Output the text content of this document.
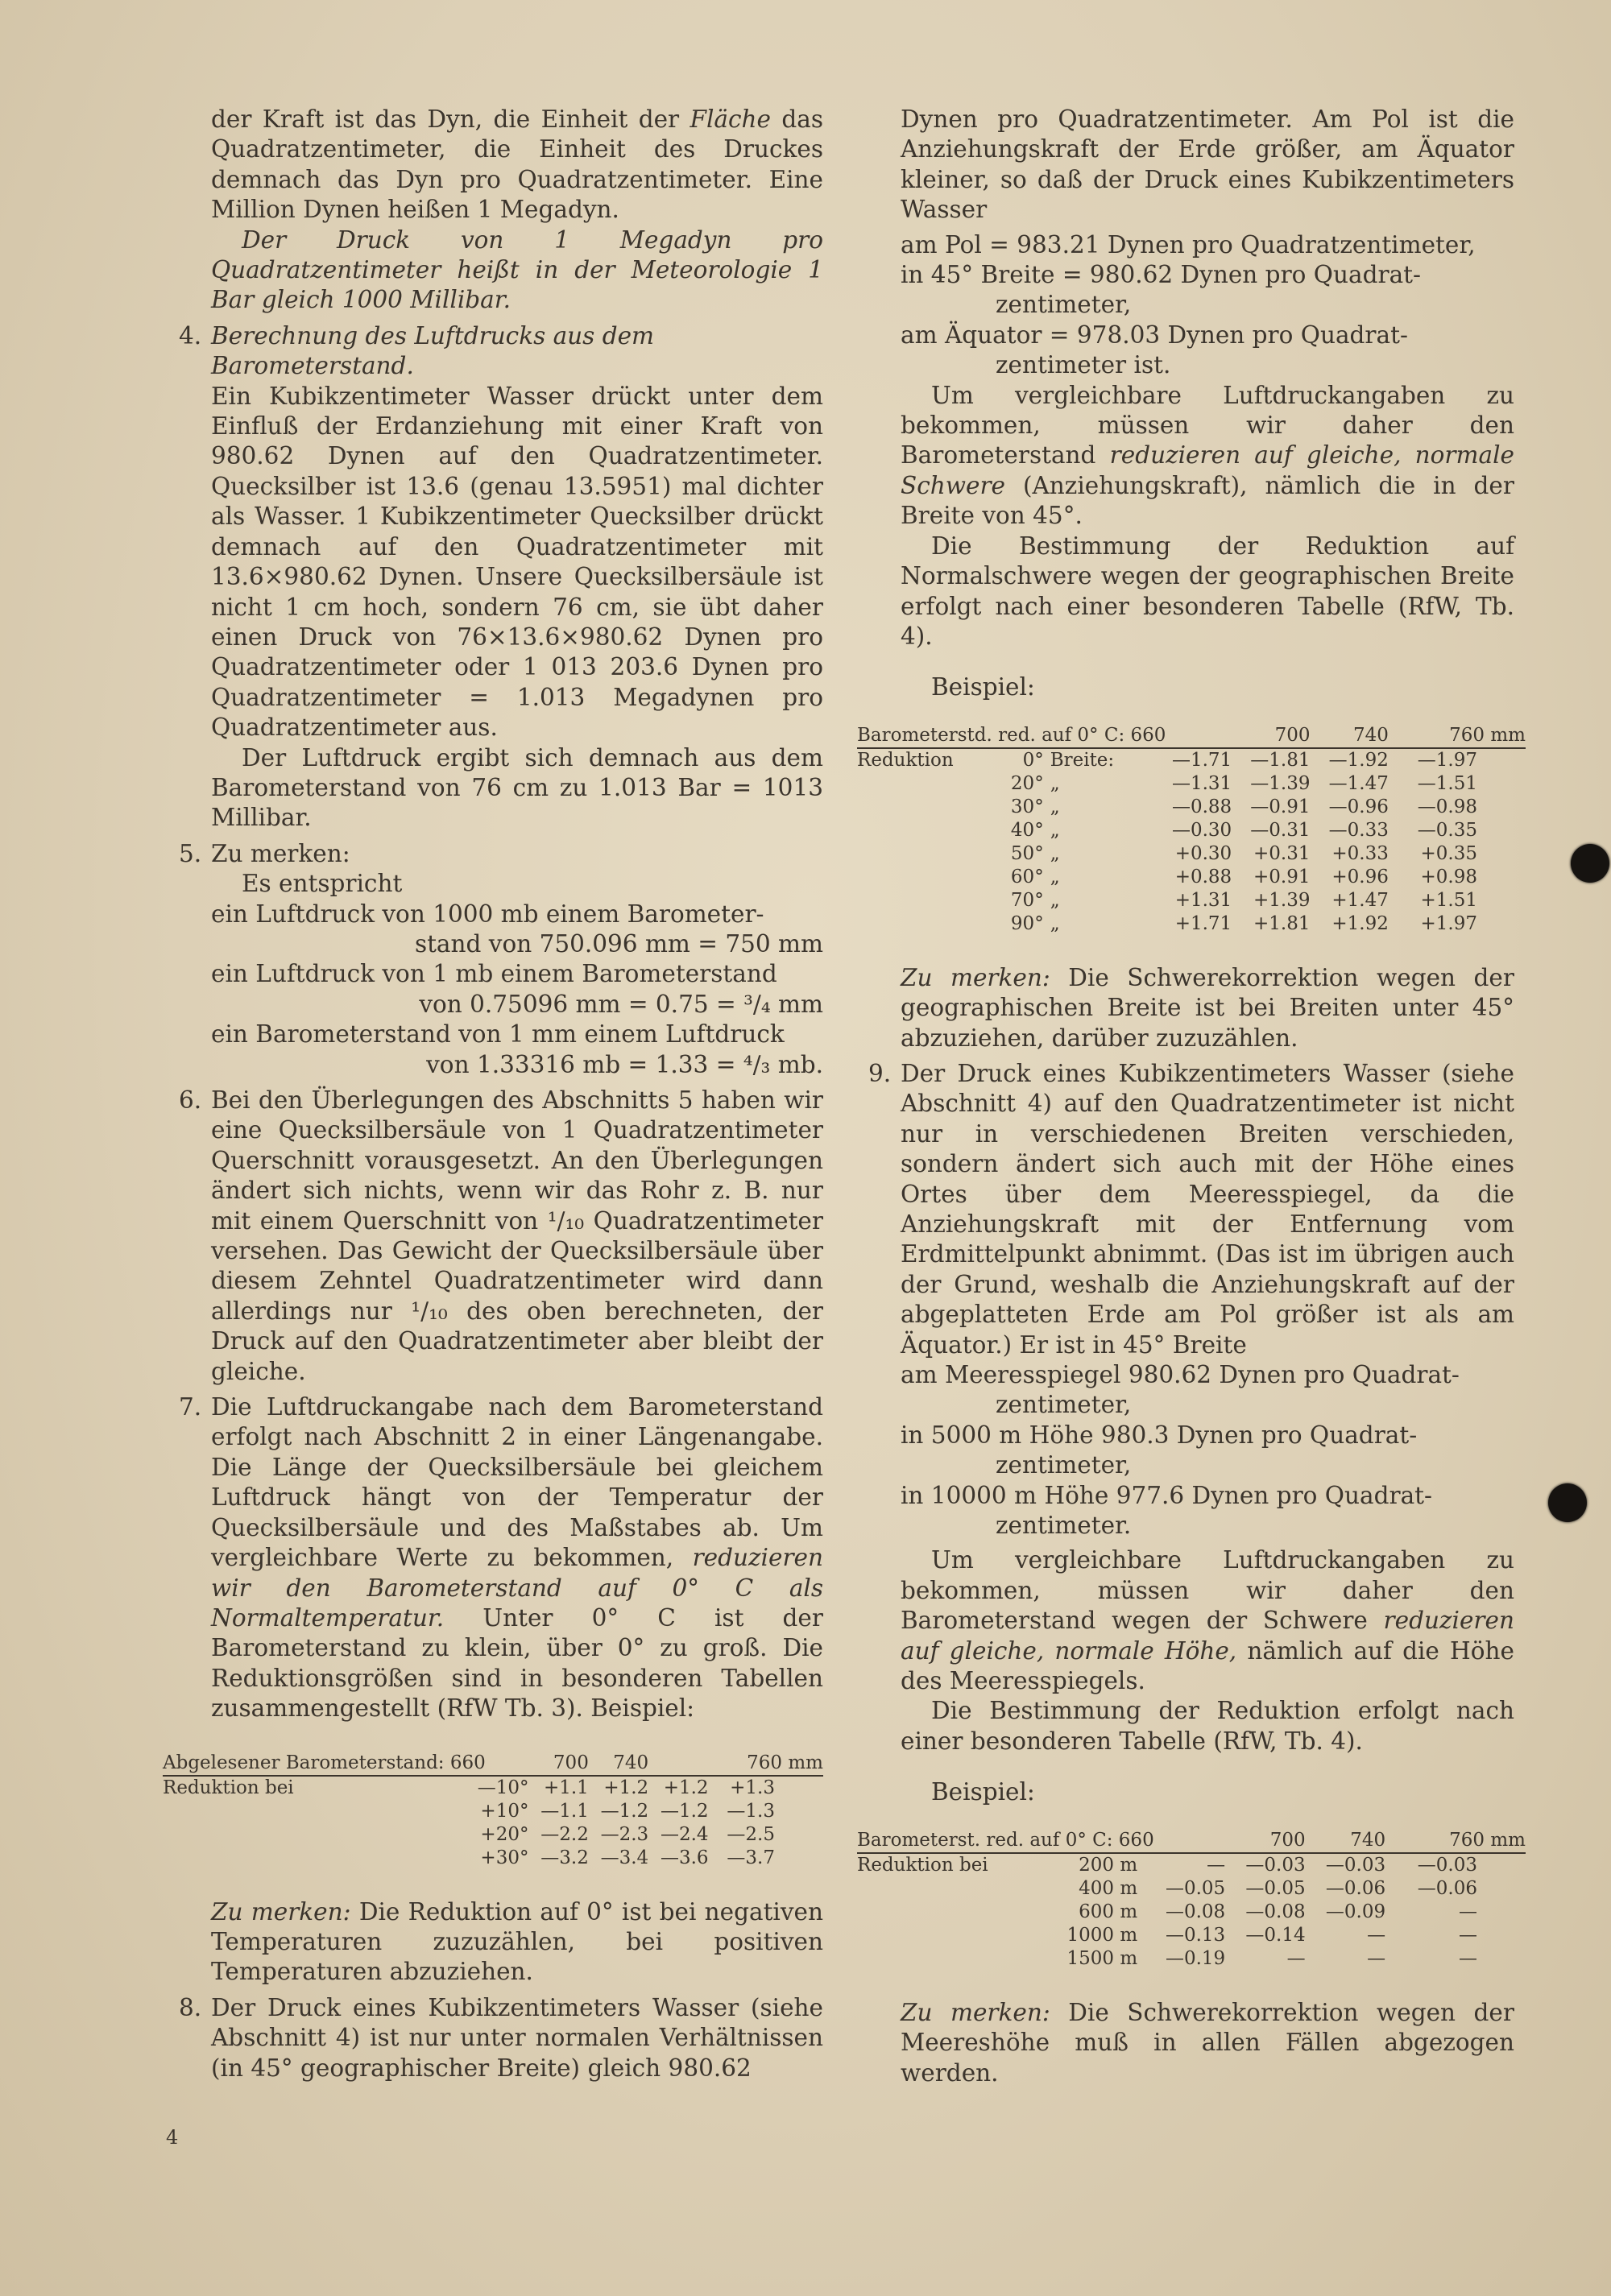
der Kraft ist das Dyn, die Einheit der Fläche das Quadratzentimeter, die Einheit des Druckes demnach das Dyn pro Quadratzentimeter. Eine Million Dynen heißen 1 Megadyn.

Der Druck von 1 Megadyn pro Quadratzentimeter heißt in der Meteorologie 1 Bar gleich 1000 Millibar.

4. Berechnung des Luftdrucks aus dem Barometerstand.

Ein Kubikzentimeter Wasser drückt unter dem Einfluß der Erdanziehung mit einer Kraft von 980.62 Dynen auf den Quadratzentimeter. Quecksilber ist 13.6 (genau 13.5951) mal dichter als Wasser. 1 Kubikzentimeter Quecksilber drückt demnach auf den Quadratzentimeter mit 13.6×980.62 Dynen. Unsere Quecksilbersäule ist nicht 1 cm hoch, sondern 76 cm, sie übt daher einen Druck von 76×13.6×980.62 Dynen pro Quadratzentimeter oder 1 013 203.6 Dynen pro Quadratzentimeter = 1.013 Megadynen pro Quadratzentimeter aus.

Der Luftdruck ergibt sich demnach aus dem Barometerstand von 76 cm zu 1.013 Bar = 1013 Millibar.

5. Zu merken:

Es entspricht

ein Luftdruck von 1000 mb einem Barometer-

stand von 750.096 mm = 750 mm

ein Luftdruck von 1 mb einem Barometerstand

von 0.75096 mm = 0.75 = ³/₄ mm

ein Barometerstand von 1 mm einem Luftdruck

von 1.33316 mb = 1.33 = ⁴/₃ mb.

6. Bei den Überlegungen des Abschnitts 5 haben wir eine Quecksilbersäule von 1 Quadratzentimeter Querschnitt vorausgesetzt. An den Überlegungen ändert sich nichts, wenn wir das Rohr z. B. nur mit einem Querschnitt von ¹/₁₀ Quadratzentimeter versehen. Das Gewicht der Quecksilbersäule über diesem Zehntel Quadratzentimeter wird dann allerdings nur ¹/₁₀ des oben berechneten, der Druck auf den Quadratzentimeter aber bleibt der gleiche.

7. Die Luftdruckangabe nach dem Barometerstand erfolgt nach Abschnitt 2 in einer Längenangabe. Die Länge der Quecksilbersäule bei gleichem Luftdruck hängt von der Temperatur der Quecksilbersäule und des Maßstabes ab. Um vergleichbare Werte zu bekommen, reduzieren wir den Barometerstand auf 0° C als Normaltemperatur. Unter 0° C ist der Barometerstand zu klein, über 0° zu groß. Die Reduktionsgrößen sind in besonderen Tabellen zusammengestellt (RfW Tb. 3). Beispiel:

Abgelesener Barometerstand: 660		700	740	760 mm	
Reduktion bei	—10°	+1.1	+1.2	+1.2	+1.3
	+10°	—1.1	—1.2	—1.2	—1.3
	+20°	—2.2	—2.3	—2.4	—2.5
	+30°	—3.2	—3.4	—3.6	—3.7

Zu merken: Die Reduktion auf 0° ist bei negativen Temperaturen zuzuzählen, bei positiven Temperaturen abzuziehen.

8. Der Druck eines Kubikzentimeters Wasser (siehe Abschnitt 4) ist nur unter normalen Verhältnissen (in 45° geographischer Breite) gleich 980.62

Dynen pro Quadratzentimeter. Am Pol ist die Anziehungskraft der Erde größer, am Äquator kleiner, so daß der Druck eines Kubikzentimeters Wasser

am Pol = 983.21 Dynen pro Quadratzentimeter,

in 45° Breite = 980.62 Dynen pro Quadrat-

zentimeter,

am Äquator = 978.03 Dynen pro Quadrat-

zentimeter ist.

Um vergleichbare Luftdruckangaben zu bekommen, müssen wir daher den Barometerstand reduzieren auf gleiche, normale Schwere (Anziehungskraft), nämlich die in der Breite von 45°.

Die Bestimmung der Reduktion auf Normalschwere wegen der geographischen Breite erfolgt nach einer besonderen Tabelle (RfW, Tb. 4).

Beispiel:

Barometerstd. red. auf 0° C: 660				700	740	760 mm
Reduktion	0°	Breite:	—1.71	—1.81	—1.92	—1.97
	20°	„	—1.31	—1.39	—1.47	—1.51
	30°	„	—0.88	—0.91	—0.96	—0.98
	40°	„	—0.30	—0.31	—0.33	—0.35
	50°	„	+0.30	+0.31	+0.33	+0.35
	60°	„	+0.88	+0.91	+0.96	+0.98
	70°	„	+1.31	+1.39	+1.47	+1.51
	90°	„	+1.71	+1.81	+1.92	+1.97

Zu merken: Die Schwerekorrektion wegen der geographischen Breite ist bei Breiten unter 45° abzuziehen, darüber zuzuzählen.

9. Der Druck eines Kubikzentimeters Wasser (siehe Abschnitt 4) auf den Quadratzentimeter ist nicht nur in verschiedenen Breiten verschieden, sondern ändert sich auch mit der Höhe eines Ortes über dem Meeresspiegel, da die Anziehungskraft mit der Entfernung vom Erdmittelpunkt abnimmt. (Das ist im übrigen auch der Grund, weshalb die Anziehungskraft auf der abgeplatteten Erde am Pol größer ist als am Äquator.) Er ist in 45° Breite

am Meeresspiegel 980.62 Dynen pro Quadrat-

zentimeter,

in 5000 m Höhe 980.3 Dynen pro Quadrat-

zentimeter,

in 10000 m Höhe 977.6 Dynen pro Quadrat-

zentimeter.

Um vergleichbare Luftdruckangaben zu bekommen, müssen wir daher den Barometerstand wegen der Schwere reduzieren auf gleiche, normale Höhe, nämlich auf die Höhe des Meeresspiegels.

Die Bestimmung der Reduktion erfolgt nach einer besonderen Tabelle (RfW, Tb. 4).

Beispiel:

Barometerst. red. auf 0° C: 660			700	740	760 mm
Reduktion bei	200 m	—	—0.03	—0.03	—0.03
	400 m	—0.05	—0.05	—0.06	—0.06
	600 m	—0.08	—0.08	—0.09	—
	1000 m	—0.13	—0.14	—	—
	1500 m	—0.19	—	—	—

Zu merken: Die Schwerekorrektion wegen der Meereshöhe muß in allen Fällen abgezogen werden.

4
